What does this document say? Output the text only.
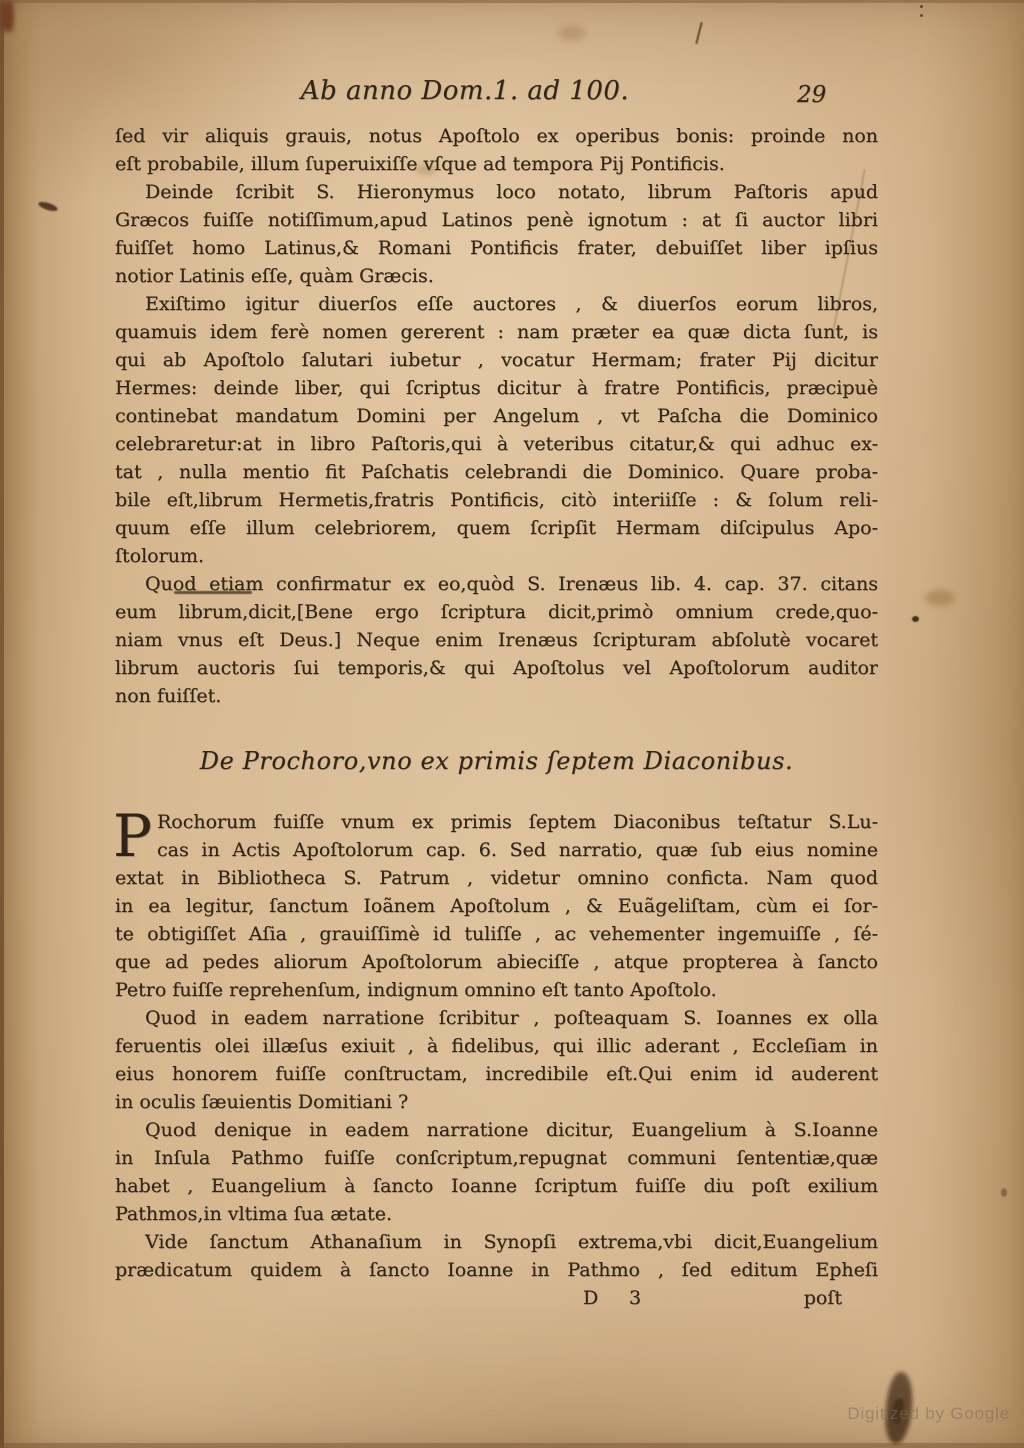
Ab anno Dom.1. ad 100.	29
ſed vir aliquis grauis, notus Apoſtolo ex operibus bonis: proinde non
eſt probabile, illum ſuperuixiſſe vſque ad tempora Pij Pontificis.
Deinde ſcribit S. Hieronymus loco notato, librum Paſtoris apud
Græcos fuiſſe notiſſimum,apud Latinos penè ignotum : at ſi auctor libri
fuiſſet homo Latinus,& Romani Pontificis frater, debuiſſet liber ipſius
notior Latinis eſſe, quàm Græcis.
Exiſtimo igitur diuerſos eſſe auctores , & diuerſos eorum libros,
quamuis idem ferè nomen gererent : nam præter ea quæ dicta ſunt, is
qui ab Apoſtolo ſalutari iubetur , vocatur Hermam; frater Pij dicitur
Hermes: deinde liber, qui ſcriptus dicitur à fratre Pontificis, præcipuè
continebat mandatum Domini per Angelum , vt Paſcha die Dominico
celebraretur:at in libro Paſtoris,qui à veteribus citatur,& qui adhuc ex-
tat , nulla mentio fit Paſchatis celebrandi die Dominico. Quare proba-
bile eſt,librum Hermetis,fratris Pontificis, citò interiiſſe : & ſolum reli-
quum eſſe illum celebriorem, quem ſcripſit Hermam diſcipulus Apo-
ſtolorum.
Quod etiam confirmatur ex eo,quòd S. Irenæus lib. 4. cap. 37. citans
eum librum,dicit,[Bene ergo ſcriptura dicit,primò omnium crede,quo-
niam vnus eſt Deus.] Neque enim Irenæus ſcripturam abſolutè vocaret
librum auctoris ſui temporis,& qui Apoſtolus vel Apoſtolorum auditor
non fuiſſet.
De Prochoro,vno ex primis ſeptem Diaconibus.
P Rochorum fuiſſe vnum ex primis ſeptem Diaconibus teſtatur S.Lu-
cas in Actis Apoſtolorum cap. 6. Sed narratio, quæ ſub eius nomine
extat in Bibliotheca S. Patrum , videtur omnino conficta. Nam quod
in ea legitur, ſanctum Ioãnem Apoſtolum , & Euãgeliſtam, cùm ei ſor-
te obtigiſſet Aſia , grauiſſimè id tuliſſe , ac vehementer ingemuiſſe , ſé-
que ad pedes aliorum Apoſtolorum abieciſſe , atque propterea à ſancto
Petro fuiſſe reprehenſum, indignum omnino eſt tanto Apoſtolo.
Quod in eadem narratione ſcribitur , poſteaquam S. Ioannes ex olla
feruentis olei illæſus exiuit , à fidelibus, qui illic aderant , Eccleſiam in
eius honorem fuiſſe conſtructam, incredibile eſt.Qui enim id auderent
in oculis ſæuientis Domitiani ?
Quod denique in eadem narratione dicitur, Euangelium à S.Ioanne
in Inſula Pathmo fuiſſe conſcriptum,repugnat communi ſententiæ,quæ
habet , Euangelium à ſancto Ioanne ſcriptum fuiſſe diu poſt exilium
Pathmos,in vltima ſua ætate.
Vide ſanctum Athanaſium in Synopſi extrema,vbi dicit,Euangelium
prædicatum quidem à ſancto Ioanne in Pathmo , ſed editum Epheſi
D 3	poſt
Digitized by Google
